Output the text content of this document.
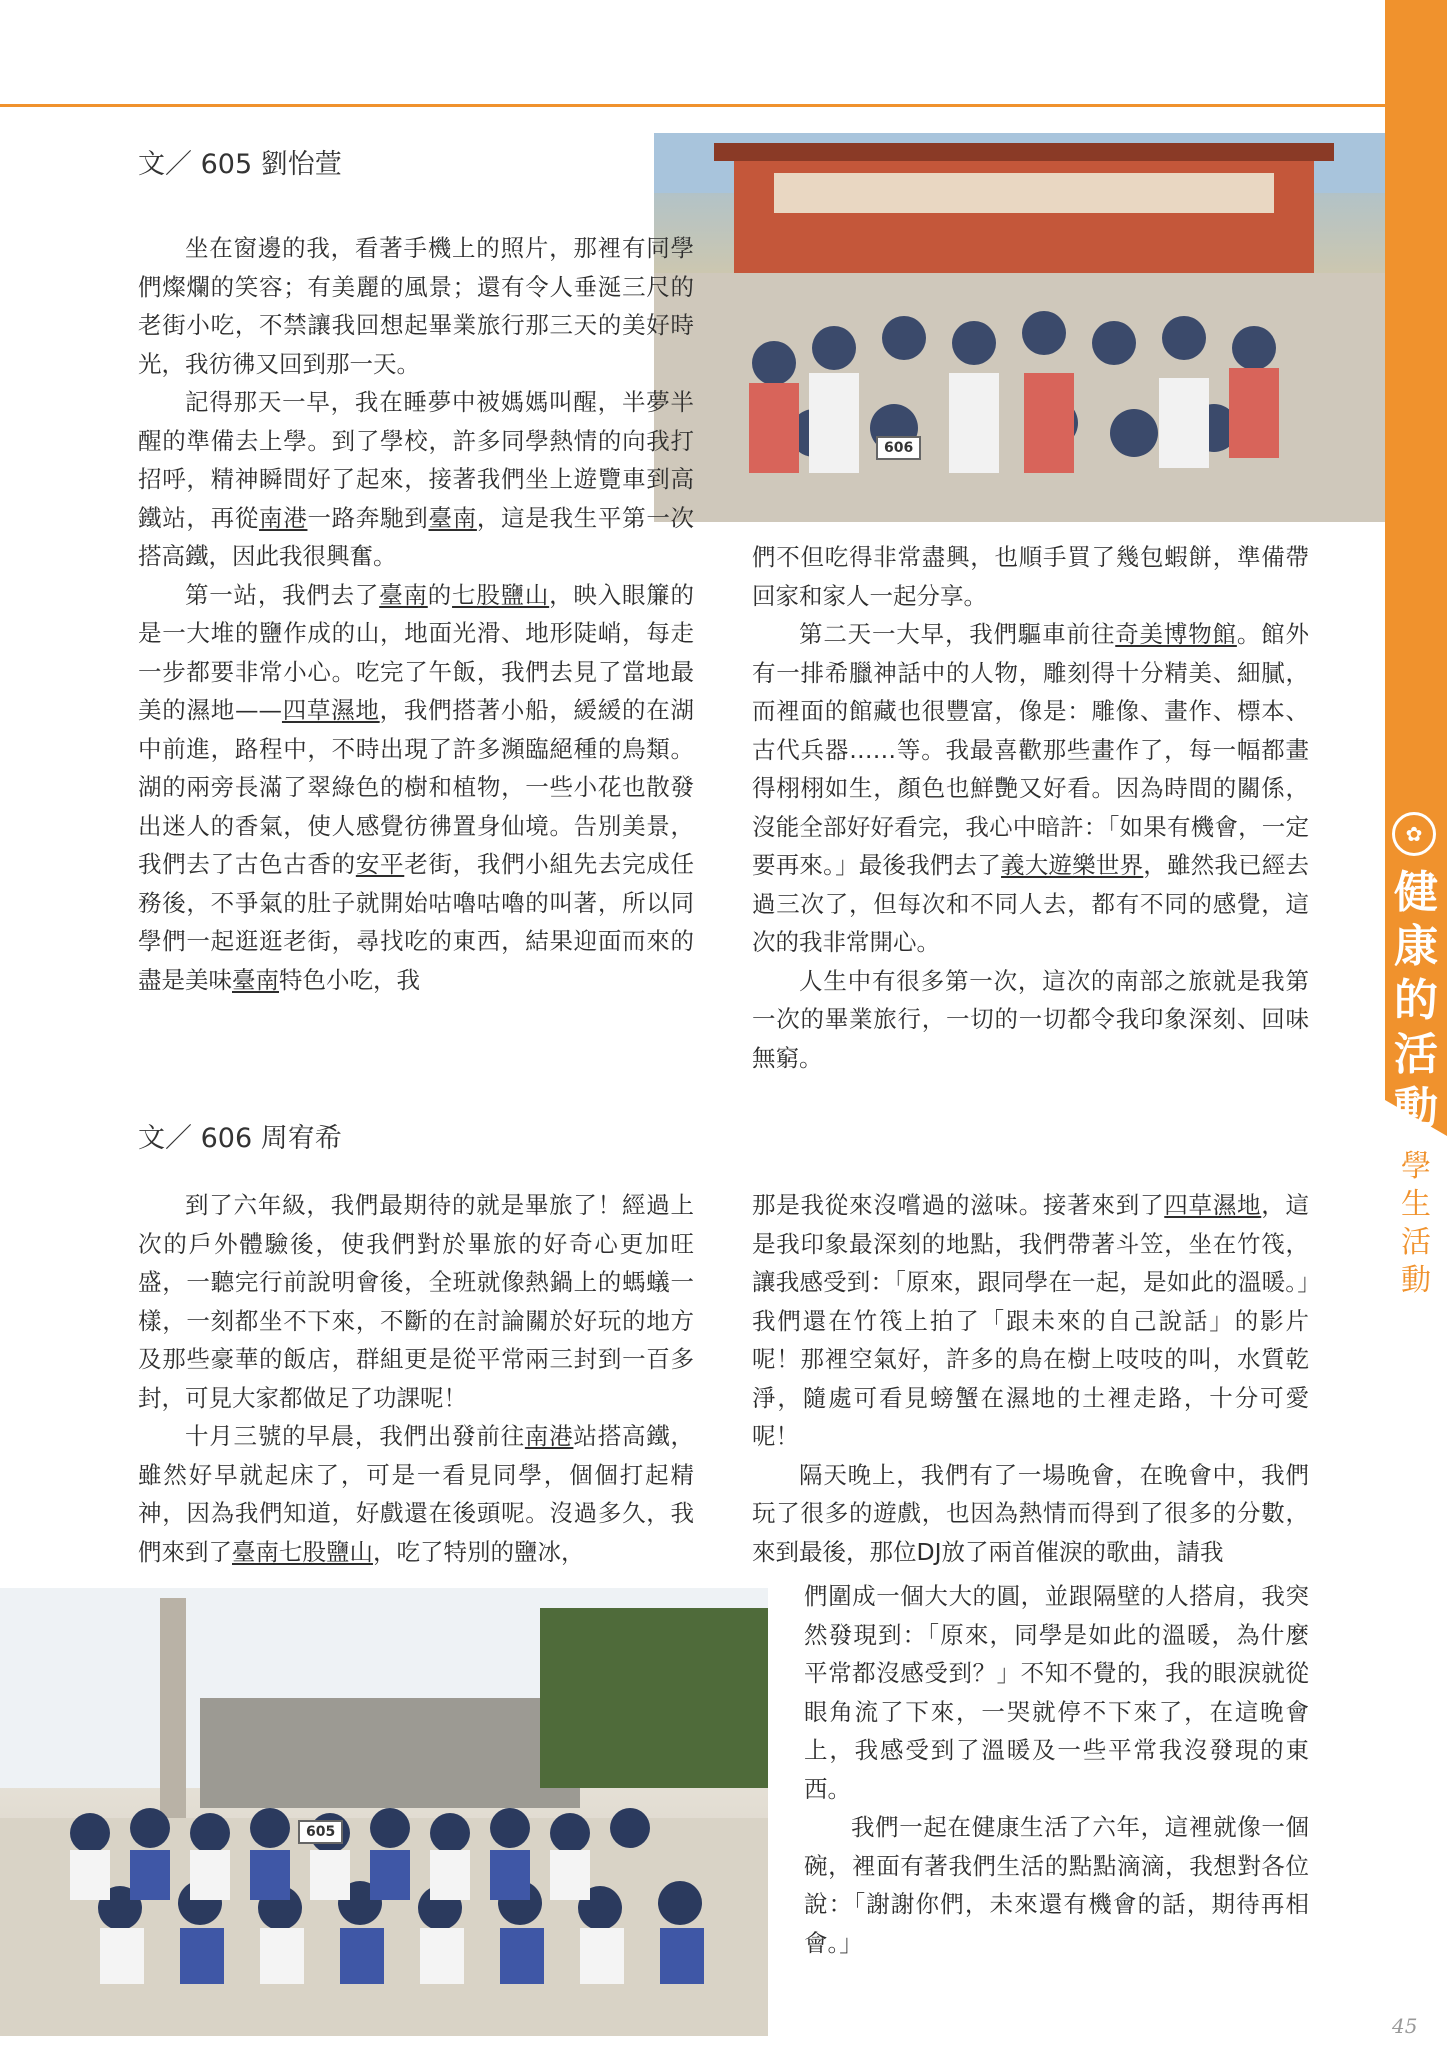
✿
健
康
的
活
動
學
生
活
動
文／ 605 劉怡萱
606

坐在窗邊的我，看著手機上的照片，那裡有同學們燦爛的笑容；有美麗的風景；還有令人垂涎三尺的老街小吃，不禁讓我回想起畢業旅行那三天的美好時光，我彷彿又回到那一天。

記得那天一早，我在睡夢中被媽媽叫醒，半夢半醒的準備去上學。到了學校，許多同學熱情的向我打招呼，精神瞬間好了起來，接著我們坐上遊覽車到高鐵站，再從南港一路奔馳到臺南，這是我生平第一次搭高鐵，因此我很興奮。

第一站，我們去了臺南的七股鹽山，映入眼簾的是一大堆的鹽作成的山，地面光滑、地形陡峭，每走一步都要非常小心。吃完了午飯，我們去見了當地最美的濕地——四草濕地，我們搭著小船，緩緩的在湖中前進，路程中，不時出現了許多瀕臨絕種的鳥類。湖的兩旁長滿了翠綠色的樹和植物，一些小花也散發出迷人的香氣，使人感覺彷彿置身仙境。告別美景，我們去了古色古香的安平老街，我們小組先去完成任務後，不爭氣的肚子就開始咕嚕咕嚕的叫著，所以同學們一起逛逛老街，尋找吃的東西，結果迎面而來的盡是美味臺南特色小吃，我

們不但吃得非常盡興，也順手買了幾包蝦餅，準備帶回家和家人一起分享。

第二天一大早，我們驅車前往奇美博物館。館外有一排希臘神話中的人物，雕刻得十分精美、細膩，而裡面的館藏也很豐富，像是：雕像、畫作、標本、古代兵器……等。我最喜歡那些畫作了，每一幅都畫得栩栩如生，顏色也鮮艷又好看。因為時間的關係，沒能全部好好看完，我心中暗許：「如果有機會，一定要再來。」最後我們去了義大遊樂世界，雖然我已經去過三次了，但每次和不同人去，都有不同的感覺，這次的我非常開心。

人生中有很多第一次，這次的南部之旅就是我第一次的畢業旅行，一切的一切都令我印象深刻、回味無窮。

文／ 606 周宥希

到了六年級，我們最期待的就是畢旅了！經過上次的戶外體驗後，使我們對於畢旅的好奇心更加旺盛，一聽完行前說明會後，全班就像熱鍋上的螞蟻一樣，一刻都坐不下來，不斷的在討論關於好玩的地方及那些豪華的飯店，群組更是從平常兩三封到一百多封，可見大家都做足了功課呢！

十月三號的早晨，我們出發前往南港站搭高鐵，雖然好早就起床了，可是一看見同學，個個打起精神，因為我們知道，好戲還在後頭呢。沒過多久，我們來到了臺南七股鹽山，吃了特別的鹽冰，

605

那是我從來沒嚐過的滋味。接著來到了四草濕地，這是我印象最深刻的地點，我們帶著斗笠，坐在竹筏，讓我感受到：「原來，跟同學在一起，是如此的溫暖。」我們還在竹筏上拍了「跟未來的自己說話」的影片呢！那裡空氣好，許多的鳥在樹上吱吱的叫，水質乾淨，隨處可看見螃蟹在濕地的土裡走路，十分可愛呢！

隔天晚上，我們有了一場晚會，在晚會中，我們玩了很多的遊戲，也因為熱情而得到了很多的分數，來到最後，那位DJ放了兩首催淚的歌曲，請我

們圍成一個大大的圓，並跟隔壁的人搭肩，我突然發現到：「原來，同學是如此的溫暖，為什麼平常都沒感受到？」不知不覺的，我的眼淚就從眼角流了下來，一哭就停不下來了，在這晚會上，我感受到了溫暖及一些平常我沒發現的東西。

我們一起在健康生活了六年，這裡就像一個碗，裡面有著我們生活的點點滴滴，我想對各位說：「謝謝你們，未來還有機會的話，期待再相會。」

45
